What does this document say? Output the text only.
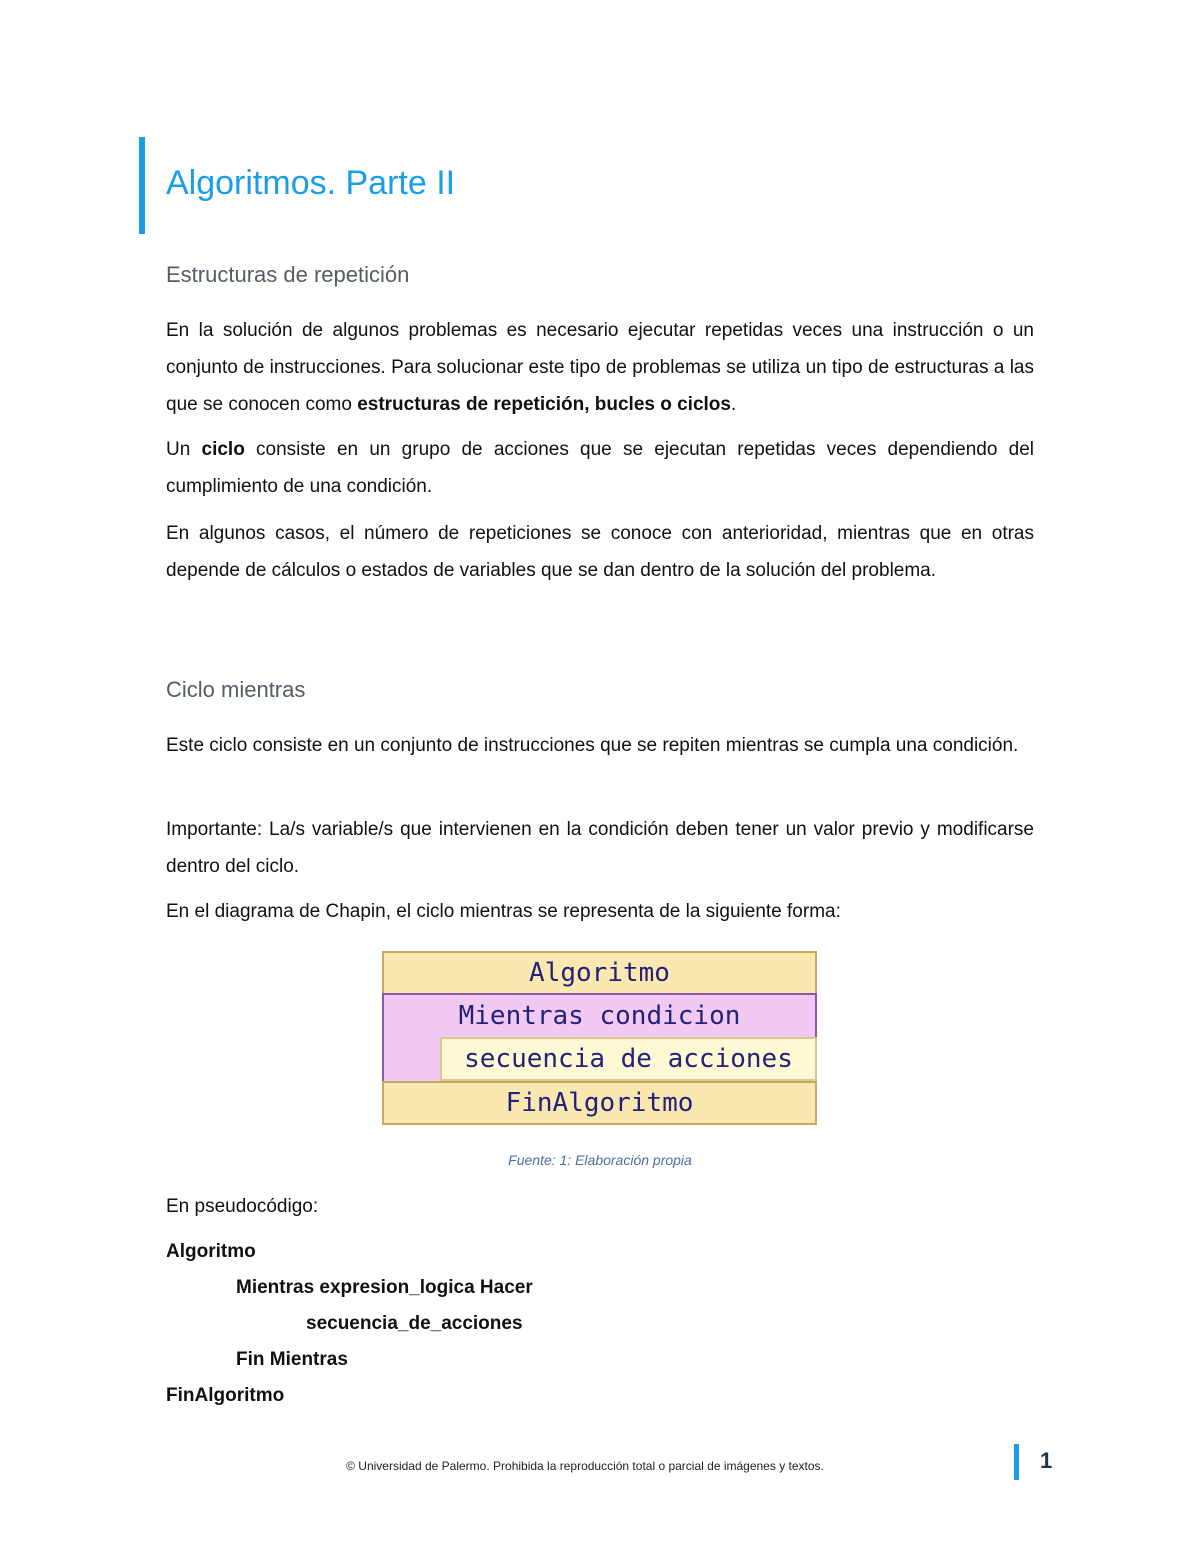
Algoritmos. Parte II
Estructuras de repetición

En la solución de algunos problemas es necesario ejecutar repetidas veces una instrucción o un conjunto de instrucciones. Para solucionar este tipo de problemas se utiliza un tipo de estructuras a las que se conocen como estructuras de repetición, bucles o ciclos.

Un ciclo consiste en un grupo de acciones que se ejecutan repetidas veces dependiendo del cumplimiento de una condición.

En algunos casos, el número de repeticiones se conoce con anterioridad, mientras que en otras depende de cálculos o estados de variables que se dan dentro de la solución del problema.

Ciclo mientras

Este ciclo consiste en un conjunto de instrucciones que se repiten mientras se cumpla una condición.

Importante: La/s variable/s que intervienen en la condición deben tener un valor previo y modificarse dentro del ciclo.

En el diagrama de Chapin, el ciclo mientras se representa de la siguiente forma:
Algoritmo
Mientras condicion
secuencia de acciones
FinAlgoritmo
Fuente: 1: Elaboración propia
En pseudocódigo:
Algoritmo
Mientras expresion_logica Hacer
secuencia_de_acciones
Fin Mientras
FinAlgoritmo
© Universidad de Palermo. Prohibida la reproducción total o parcial de imágenes y textos.	1
